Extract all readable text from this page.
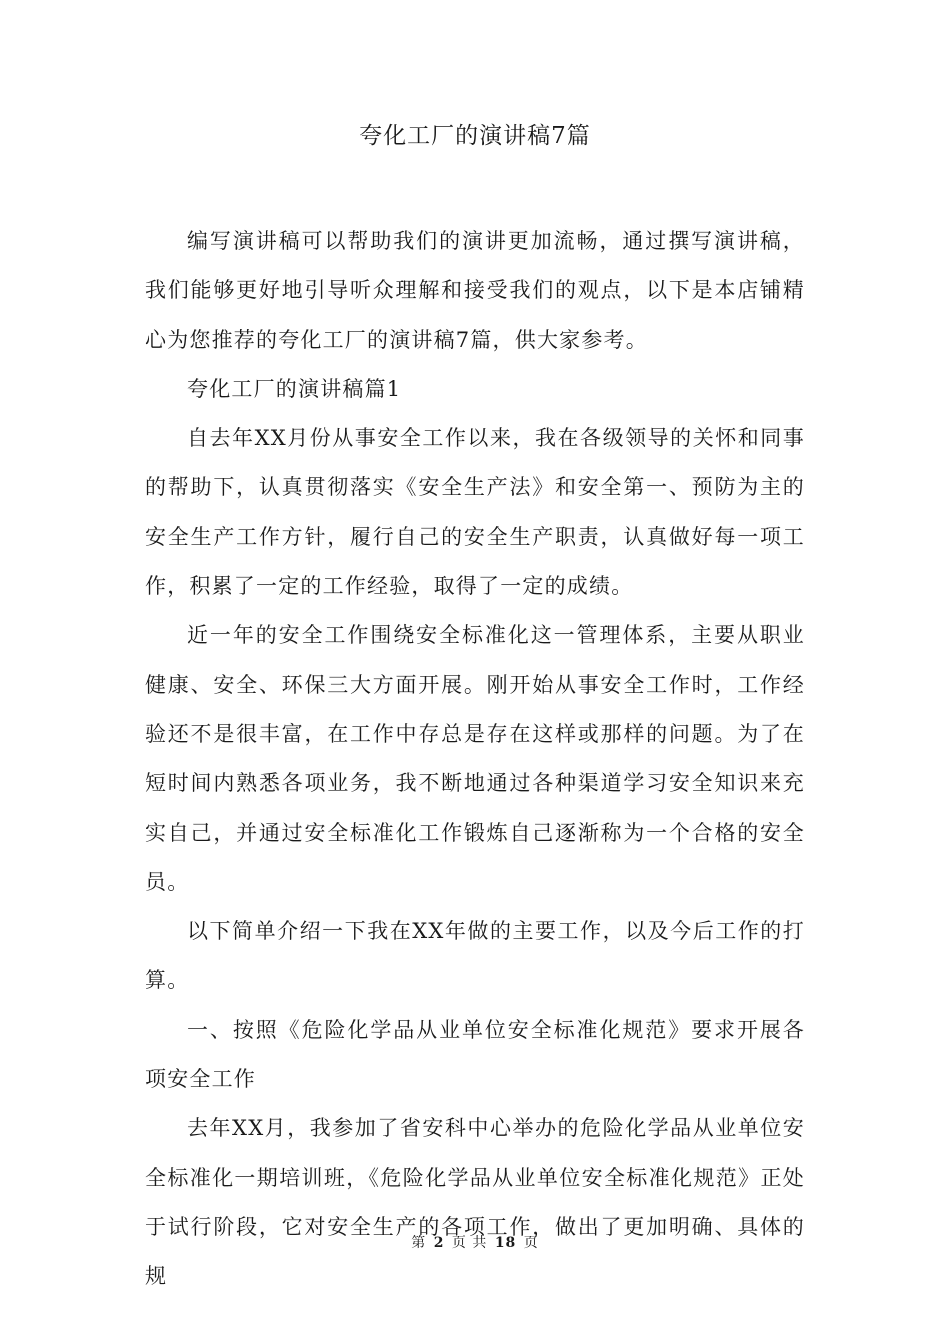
夸化工厂的演讲稿7篇

编写演讲稿可以帮助我们的演讲更加流畅，通过撰写演讲稿，我们能够更好地引导听众理解和接受我们的观点，以下是本店铺精心为您推荐的夸化工厂的演讲稿7篇，供大家参考。

夸化工厂的演讲稿篇1

自去年XX月份从事安全工作以来，我在各级领导的关怀和同事的帮助下，认真贯彻落实《安全生产法》和安全第一、预防为主的安全生产工作方针，履行自己的安全生产职责，认真做好每一项工作，积累了一定的工作经验，取得了一定的成绩。

近一年的安全工作围绕安全标准化这一管理体系，主要从职业健康、安全、环保三大方面开展。刚开始从事安全工作时，工作经验还不是很丰富，在工作中存总是存在这样或那样的问题。为了在短时间内熟悉各项业务，我不断地通过各种渠道学习安全知识来充实自己，并通过安全标准化工作锻炼自己逐渐称为一个合格的安全员。

以下简单介绍一下我在XX年做的主要工作，以及今后工作的打算。

一、按照《危险化学品从业单位安全标准化规范》要求开展各项安全工作

去年XX月，我参加了省安科中心举办的危险化学品从业单位安全标准化一期培训班，《危险化学品从业单位安全标准化规范》正处于试行阶段，它对安全生产的各项工作，做出了更加明确、具体的规

第 2 页 共 18 页
